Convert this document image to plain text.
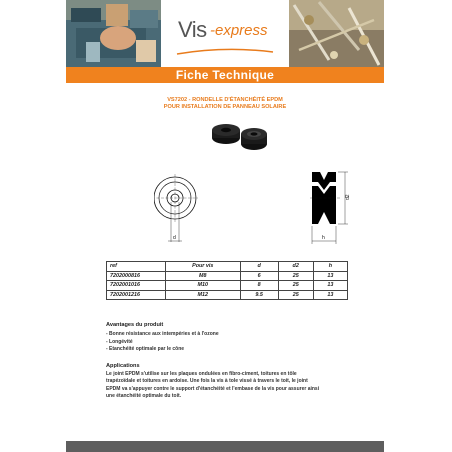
Vis -express
Fiche Technique
VS7202 - RONDELLE D'ÉTANCHÉITÉ EPDM
POUR INSTALLATION DE PANNEAU SOLAIRE
d
d2
h
ref	Pour vis	d	d2	h
7202000816	M8	6	25	13
7202001016	M10	8	25	13
7202001216	M12	9.5	25	13
Avantages du produit
- Bonne résistance aux intempéries et à l'ozone
- Longévité
- Etanchéité optimale par le cône
Applications
Le joint EPDM s'utilise sur les plaques ondulées en fibro-ciment, toitures en tôle
trapézoïdale et toitures en ardoise. Une fois la vis à tole vissé à travers le toit, le joint
EPDM va s'appuyer contre le support d'étanchéité et l'embase de la vis pour assurer ainsi
une étanchéité optimale du toit.
